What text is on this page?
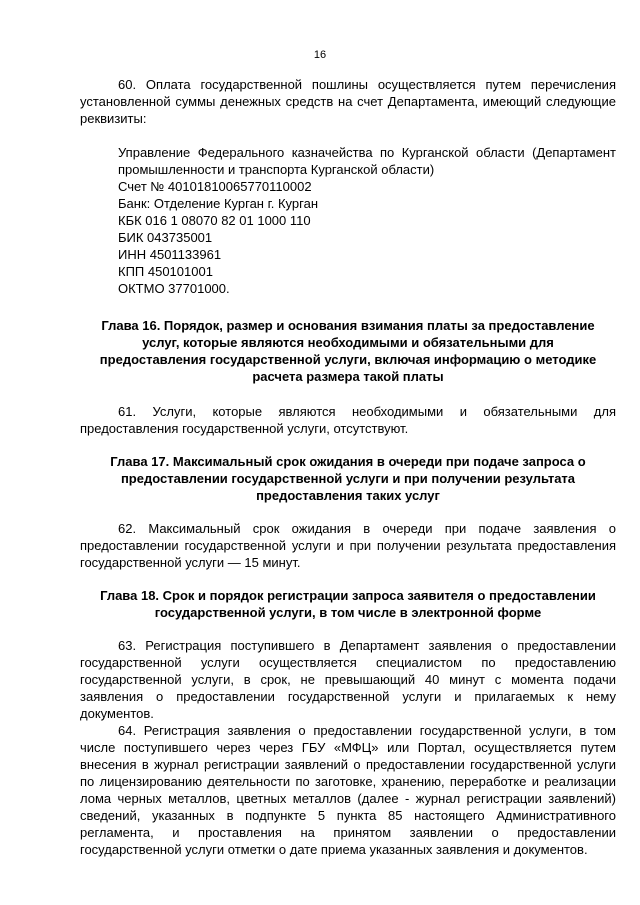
16

60. Оплата государственной пошлины осуществляется путем перечисления установленной суммы денежных средств на счет Департамента, имеющий следующие реквизиты:

Управление Федерального казначейства по Курганской области (Департамент промышленности и транспорта Курганской области)

Счет № 40101810065770110002
Банк: Отделение Курган г. Курган
КБК 016 1 08070 82 01 1000 110
БИК 043735001
ИНН 4501133961
КПП 450101001
ОКТМО 37701000.

Глава 16. Порядок, размер и основания взимания платы за предоставление услуг, которые являются необходимыми и обязательными для предоставления государственной услуги, включая информацию о методике расчета размера такой платы

61. Услуги, которые являются необходимыми и обязательными для предоставления государственной услуги, отсутствуют.

Глава 17. Максимальный срок ожидания в очереди при подаче запроса о предоставлении государственной услуги и при получении результата предоставления таких услуг

62. Максимальный срок ожидания в очереди при подаче заявления о предоставлении государственной услуги и при получении результата предоставления государственной услуги — 15 минут.

Глава 18. Срок и порядок регистрации запроса заявителя о предоставлении государственной услуги, в том числе в электронной форме

63. Регистрация поступившего в Департамент заявления о предоставлении государственной услуги осуществляется специалистом по предоставлению государственной услуги, в срок, не превышающий 40 минут с момента подачи заявления о предоставлении государственной услуги и прилагаемых к нему документов.

64. Регистрация заявления о предоставлении государственной услуги, в том числе поступившего через через ГБУ «МФЦ» или Портал, осуществляется путем внесения в журнал регистрации заявлений о предоставлении государственной услуги по лицензированию деятельности по заготовке, хранению, переработке и реализации лома черных металлов, цветных металлов (далее - журнал регистрации заявлений) сведений, указанных в подпункте 5 пункта 85 настоящего Административного регламента, и проставления на принятом заявлении о предоставлении государственной услуги отметки о дате приема указанных заявления и документов.
